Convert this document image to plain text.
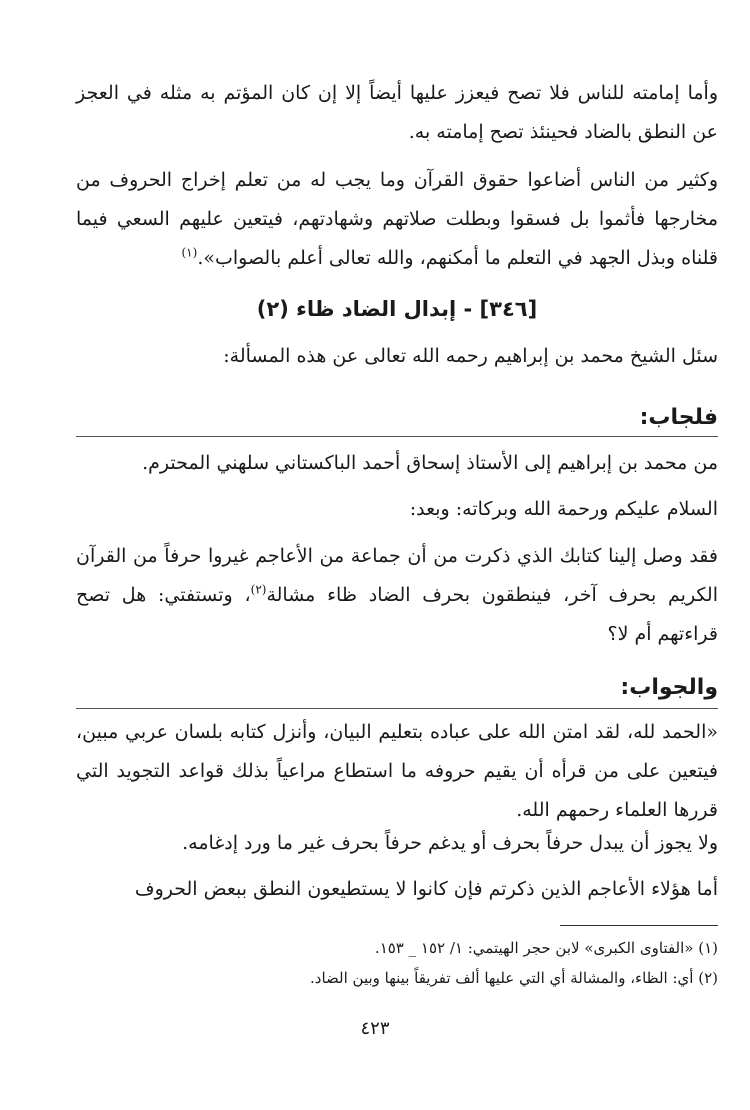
وأما إمامته للناس فلا تصح فيعزز عليها أيضاً إلا إن كان المؤتم به مثله في العجز عن النطق بالضاد فحينئذ تصح إمامته به.
وكثير من الناس أضاعوا حقوق القرآن وما يجب له من تعلم إخراج الحروف من مخارجها فأثموا بل فسقوا وبطلت صلاتهم وشهادتهم، فيتعين عليهم السعي فيما قلناه وبذل الجهد في التعلم ما أمكنهم، والله تعالى أعلم بالصواب».$^{(١)}$
[٣٤٦] - إبدال الضاد ظاء (٢)
سئل الشيخ محمد بن إبراهيم رحمه الله تعالى عن هذه المسألة:
فلجاب:
من محمد بن إبراهيم إلى الأستاذ إسحاق أحمد الباكستاني سلهني المحترم.
السلام عليكم ورحمة الله وبركاته: وبعد:
فقد وصل إلينا كتابك الذي ذكرت من أن جماعة من الأعاجم غيروا حرفاً من القرآن الكريم بحرف آخر، فينطقون بحرف الضاد ظاء مشالة$^{(٢)}$، وتستفتي: هل تصح قراءتهم أم لا؟
والجواب:
«الحمد لله، لقد امتن الله على عباده بتعليم البيان، وأنزل كتابه بلسان عربي مبين، فيتعين على من قرأه أن يقيم حروفه ما استطاع مراعياً بذلك قواعد التجويد التي قررها العلماء رحمهم الله.
ولا يجوز أن يبدل حرفاً بحرف أو يدغم حرفاً بحرف غير ما ورد إدغامه.
أما هؤلاء الأعاجم الذين ذكرتم فإن كانوا لا يستطيعون النطق ببعض الحروف
(١) «الفتاوى الكبرى» لابن حجر الهيتمي: ١/ ١٥٢ _ ١٥٣.
(٢) أي: الظاء، والمشالة أي التي عليها ألف تفريقاً بينها وبين الضاد.
٤٢٣
